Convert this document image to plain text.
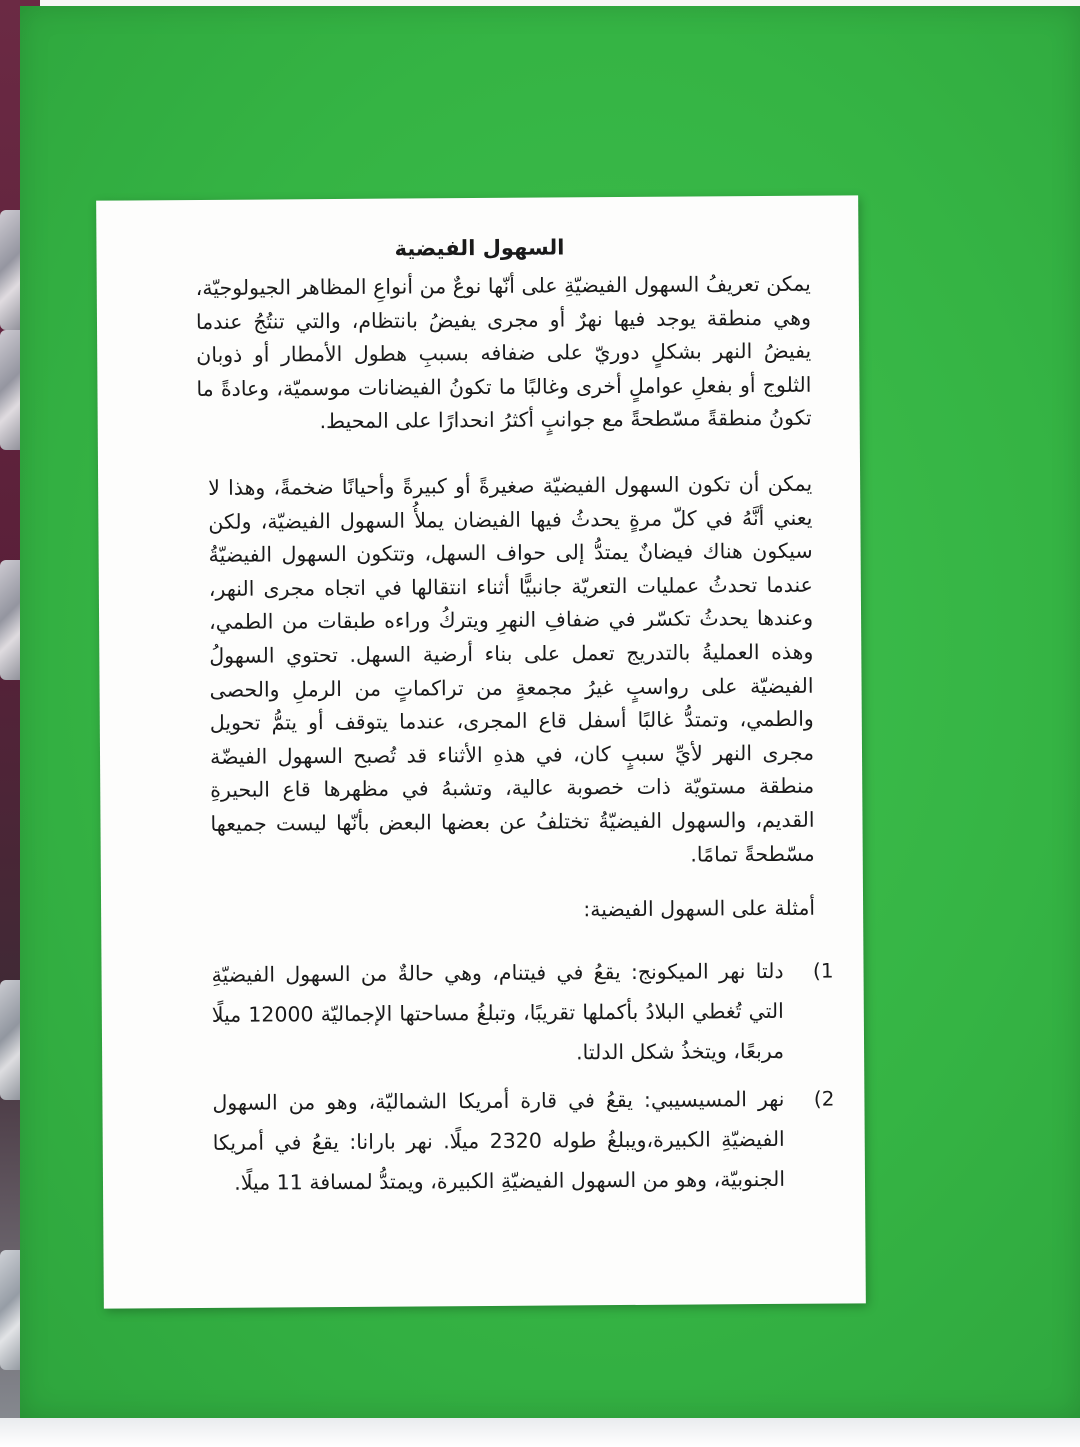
السهول الفيضية

يمكن تعريفُ السهول الفيضيّةِ على أنّها نوعٌ من أنواعِ المظاهر الجيولوجيّة، وهي منطقة يوجد فيها نهرٌ أو مجرى يفيضُ بانتظام، والتي تنتُجُ عندما يفيضُ النهر بشكلٍ دوريّ على ضفافه بسببِ هطول الأمطار أو ذوبان الثلوج أو بفعلِ عواملٍ أخرى وغالبًا ما تكونُ الفيضانات موسميّة، وعادةً ما تكونُ منطقةً مسّطحةً مع جوانبٍ أكثرُ انحدارًا على المحيط.

يمكن أن تكون السهول الفيضيّة صغيرةً أو كبيرةً وأحيانًا ضخمةً، وهذا لا يعني أنَّهُ في كلّ مرةٍ يحدثُ فيها الفيضان يملأُ السهول الفيضيّة، ولكن سيكون هناك فيضانٌ يمتدُّ إلى حواف السهل، وتتكون السهول الفيضيّةُ عندما تحدثُ عمليات التعريّة جانبيًّا أثناء انتقالها في اتجاه مجرى النهر، وعندها يحدثُ تكسّر في ضفافِ النهرِ ويتركُ وراءه طبقات من الطمي، وهذه العمليةُ بالتدريج تعمل على بناء أرضية السهل. تحتوي السهولُ الفيضيّة على رواسبٍ غيرُ مجمعةٍ من تراكماتٍ من الرملِ والحصى والطمي، وتمتدُّ غالبًا أسفل قاع المجرى، عندما يتوقف أو يتمُّ تحويل مجرى النهر لأيِّ سببٍ كان، في هذهِ الأثناء قد تُصبح السهول الفيضّة منطقة مستويّة ذات خصوبة عالية، وتشبهُ في مظهرها قاع البحيرةِ القديم، والسهول الفيضيّةُ تختلفُ عن بعضها البعض بأنّها ليست جميعها مسّطحةً تمامًا.

أمثلة على السهول الفيضية:
1)

دلتا نهر الميكونج: يقعُ في فيتنام، وهي حالةٌ من السهول الفيضيّةِ التي تُغطي البلادُ بأكملها تقريبًا، وتبلغُ مساحتها الإجماليّة 12000 ميلًا مربعًا، ويتخذُ شكل الدلتا.

2)

نهر المسيسيبي: يقعُ في قارة أمريكا الشماليّة، وهو من السهول الفيضيّةِ الكبيرة،ويبلغُ طوله 2320 ميلًا. نهر بارانا: يقعُ في أمريكا الجنوبيّة، وهو من السهول الفيضيّةِ الكبيرة، ويمتدُّ لمسافة 11 ميلًا.
